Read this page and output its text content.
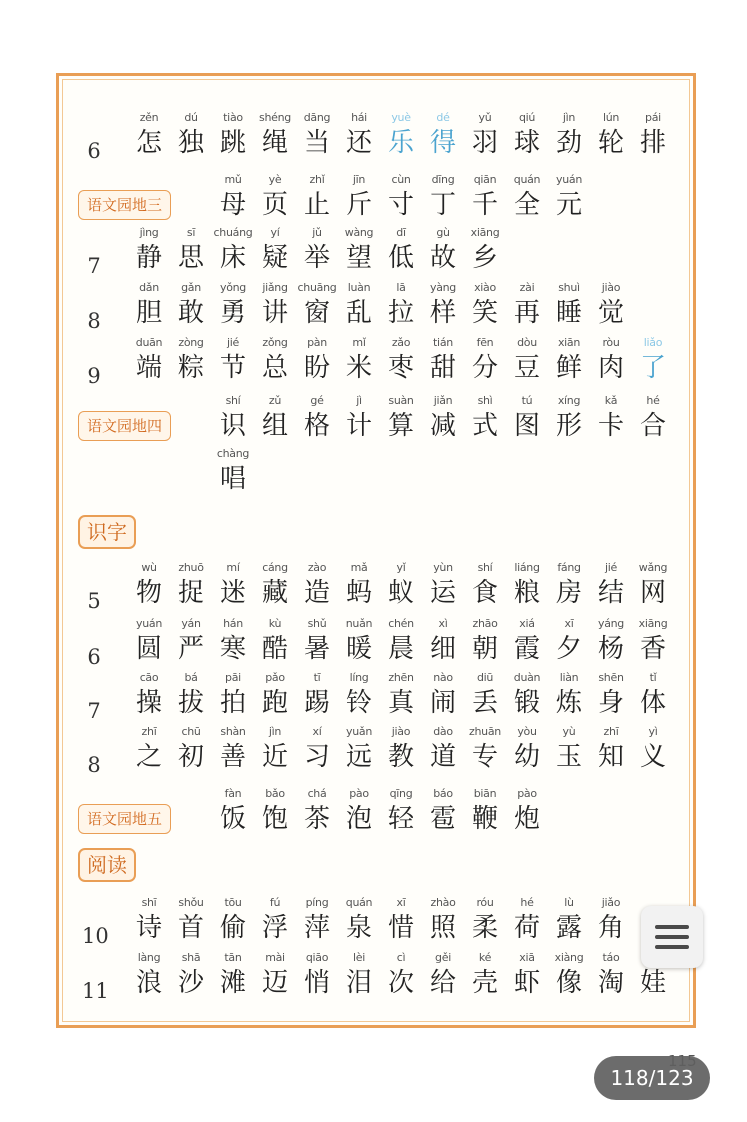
6
zěn
怎
dú
独
tiào
跳
shéng
绳
dāng
当
hái
还
yuè
乐
dé
得
yǔ
羽
qiú
球
jìn
劲
lún
轮
pái
排
语文园地三
mǔ
母
yè
页
zhǐ
止
jīn
斤
cùn
寸
dīng
丁
qiān
千
quán
全
yuán
元
7
jìng
静
sī
思
chuáng
床
yí
疑
jǔ
举
wàng
望
dī
低
gù
故
xiāng
乡
8
dǎn
胆
gǎn
敢
yǒng
勇
jiǎng
讲
chuāng
窗
luàn
乱
lā
拉
yàng
样
xiào
笑
zài
再
shuì
睡
jiào
觉
9
duān
端
zòng
粽
jié
节
zǒng
总
pàn
盼
mǐ
米
zǎo
枣
tián
甜
fēn
分
dòu
豆
xiān
鲜
ròu
肉
liǎo
了
语文园地四
shí
识
zǔ
组
gé
格
jì
计
suàn
算
jiǎn
减
shì
式
tú
图
xíng
形
kǎ
卡
hé
合
chàng
唱
识字
5
wù
物
zhuō
捉
mí
迷
cáng
藏
zào
造
mǎ
蚂
yǐ
蚁
yùn
运
shí
食
liáng
粮
fáng
房
jié
结
wǎng
网
6
yuán
圆
yán
严
hán
寒
kù
酷
shǔ
暑
nuǎn
暖
chén
晨
xì
细
zhāo
朝
xiá
霞
xī
夕
yáng
杨
xiāng
香
7
cāo
操
bá
拔
pāi
拍
pǎo
跑
tī
踢
líng
铃
zhēn
真
nào
闹
diū
丢
duàn
锻
liàn
炼
shēn
身
tǐ
体
8
zhī
之
chū
初
shàn
善
jìn
近
xí
习
yuǎn
远
jiào
教
dào
道
zhuān
专
yòu
幼
yù
玉
zhī
知
yì
义
语文园地五
fàn
饭
bǎo
饱
chá
茶
pào
泡
qīng
轻
báo
雹
biān
鞭
pào
炮
阅读
10
shī
诗
shǒu
首
tōu
偷
fú
浮
píng
萍
quán
泉
xī
惜
zhào
照
róu
柔
hé
荷
lù
露
jiǎo
角
11
làng
浪
shā
沙
tān
滩
mài
迈
qiāo
悄
lèi
泪
cì
次
gěi
给
ké
壳
xiā
虾
xiàng
像
táo
淘 娃
118/123
